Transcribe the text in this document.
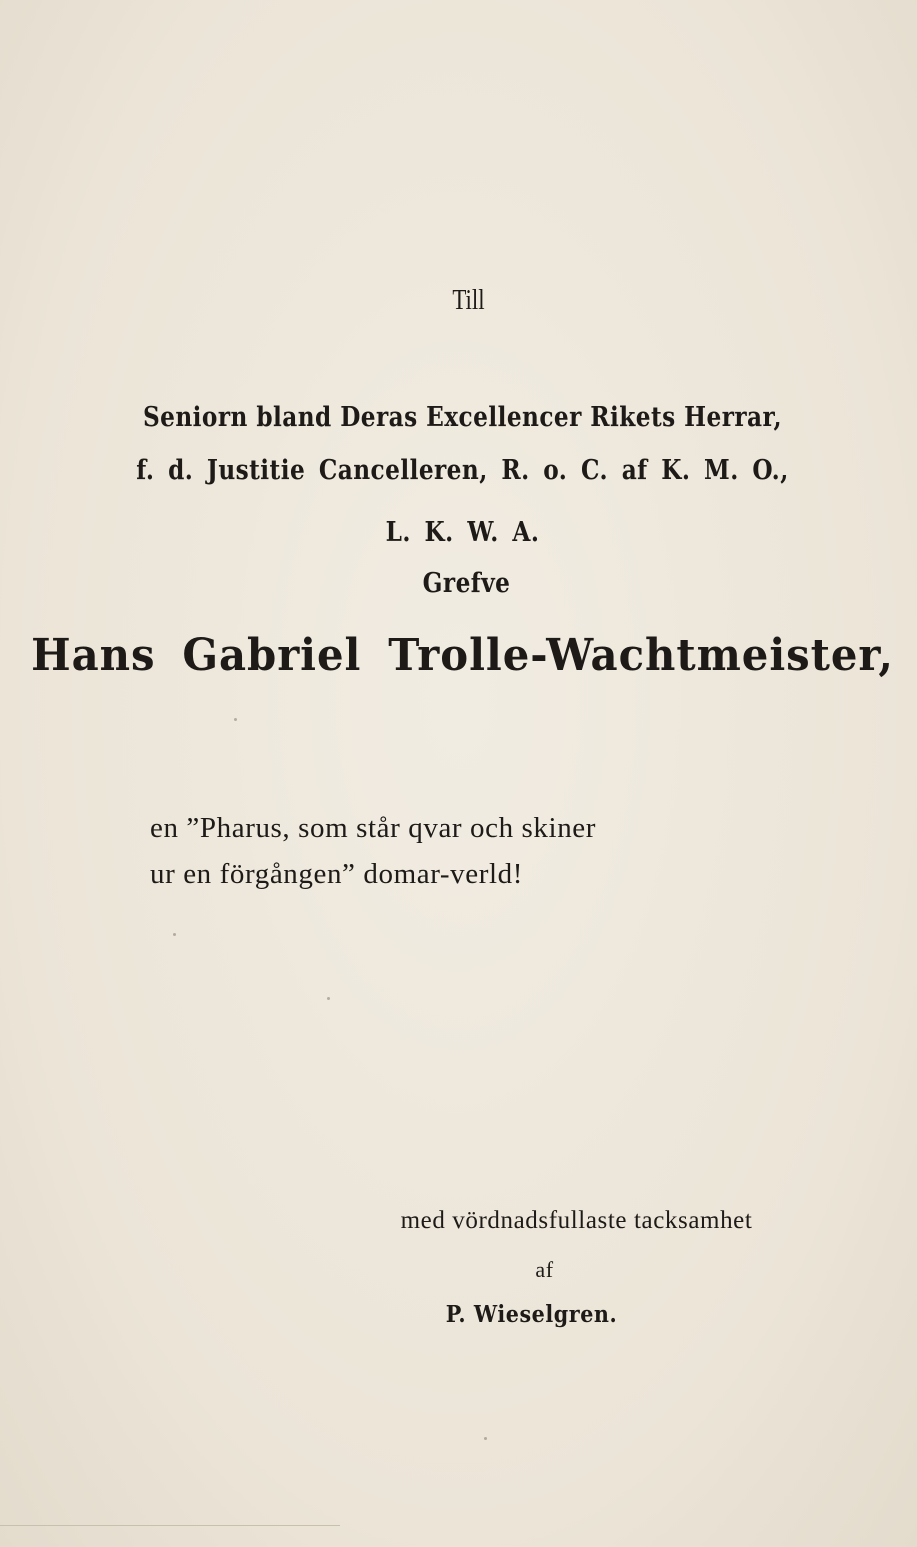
Till
Seniorn bland Deras Excellencer Rikets Herrar,
f. d. Justitie Cancelleren, R. o. C. af K. M. O.,
L. K. W. A.
Grefve
Hans Gabriel Trolle-Wachtmeister,
en ”Pharus, som står qvar och skiner
ur en förgången” domar-verld!
med vördnadsfullaste tacksamhet
af
P. Wieselgren.
